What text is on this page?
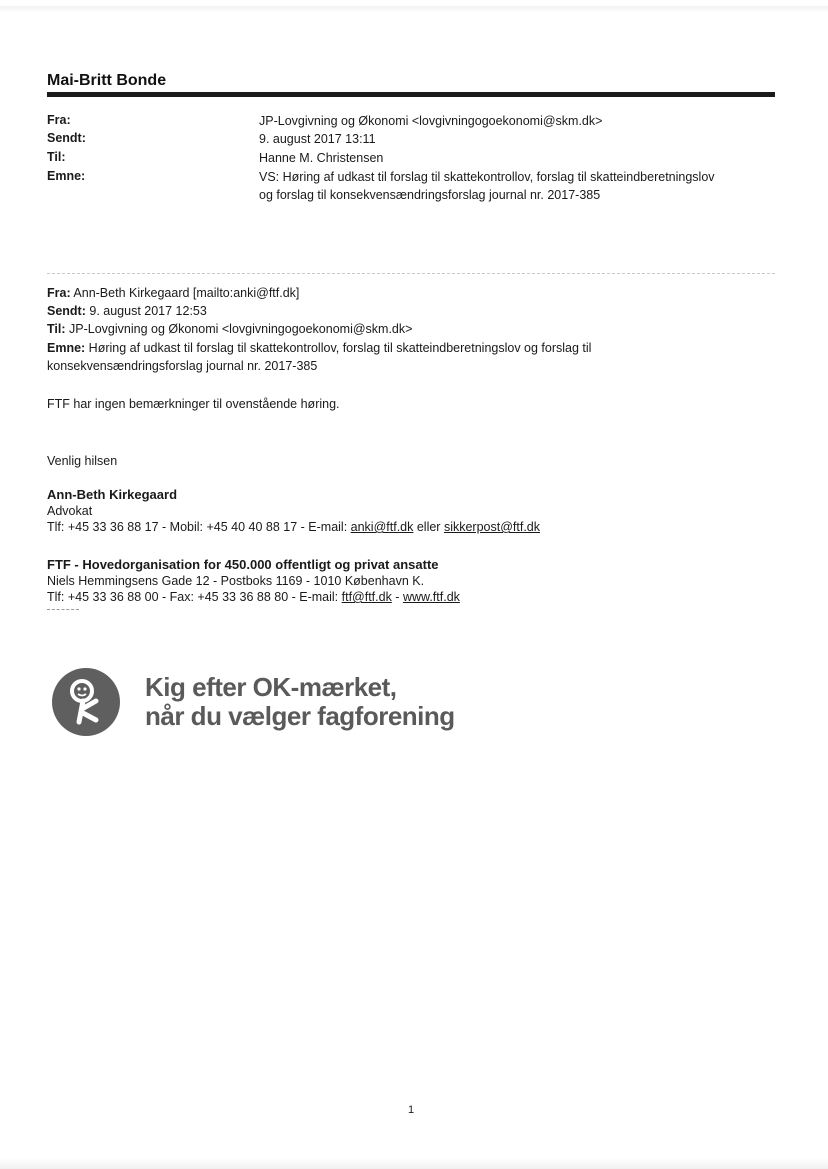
Mai-Britt Bonde
Fra:	JP-Lovgivning og Økonomi <lovgivningogoekonomi@skm.dk>
Sendt:	9. august 2017 13:11
Til:	Hanne M. Christensen
Emne:	VS: Høring af udkast til forslag til skattekontrollov, forslag til skatteindberetningslov
og forslag til konsekvensændringsforslag journal nr. 2017-385
Fra: Ann-Beth Kirkegaard [mailto:anki@ftf.dk]
Sendt: 9. august 2017 12:53
Til: JP-Lovgivning og Økonomi <lovgivningogoekonomi@skm.dk>
Emne: Høring af udkast til forslag til skattekontrollov, forslag til skatteindberetningslov og forslag til
konsekvensændringsforslag journal nr. 2017-385
FTF har ingen bemærkninger til ovenstående høring.
Venlig hilsen
Ann-Beth Kirkegaard
Advokat
Tlf: +45 33 36 88 17 - Mobil: +45 40 40 88 17 - E-mail: anki@ftf.dk eller sikkerpost@ftf.dk
FTF - Hovedorganisation for 450.000 offentligt og privat ansatte
Niels Hemmingsens Gade 12 - Postboks 1169 - 1010 København K.
Tlf: +45 33 36 88 00 - Fax: +45 33 36 88 80 - E-mail: ftf@ftf.dk - www.ftf.dk
Kig efter OK-mærket,
når du vælger fagforening
1
